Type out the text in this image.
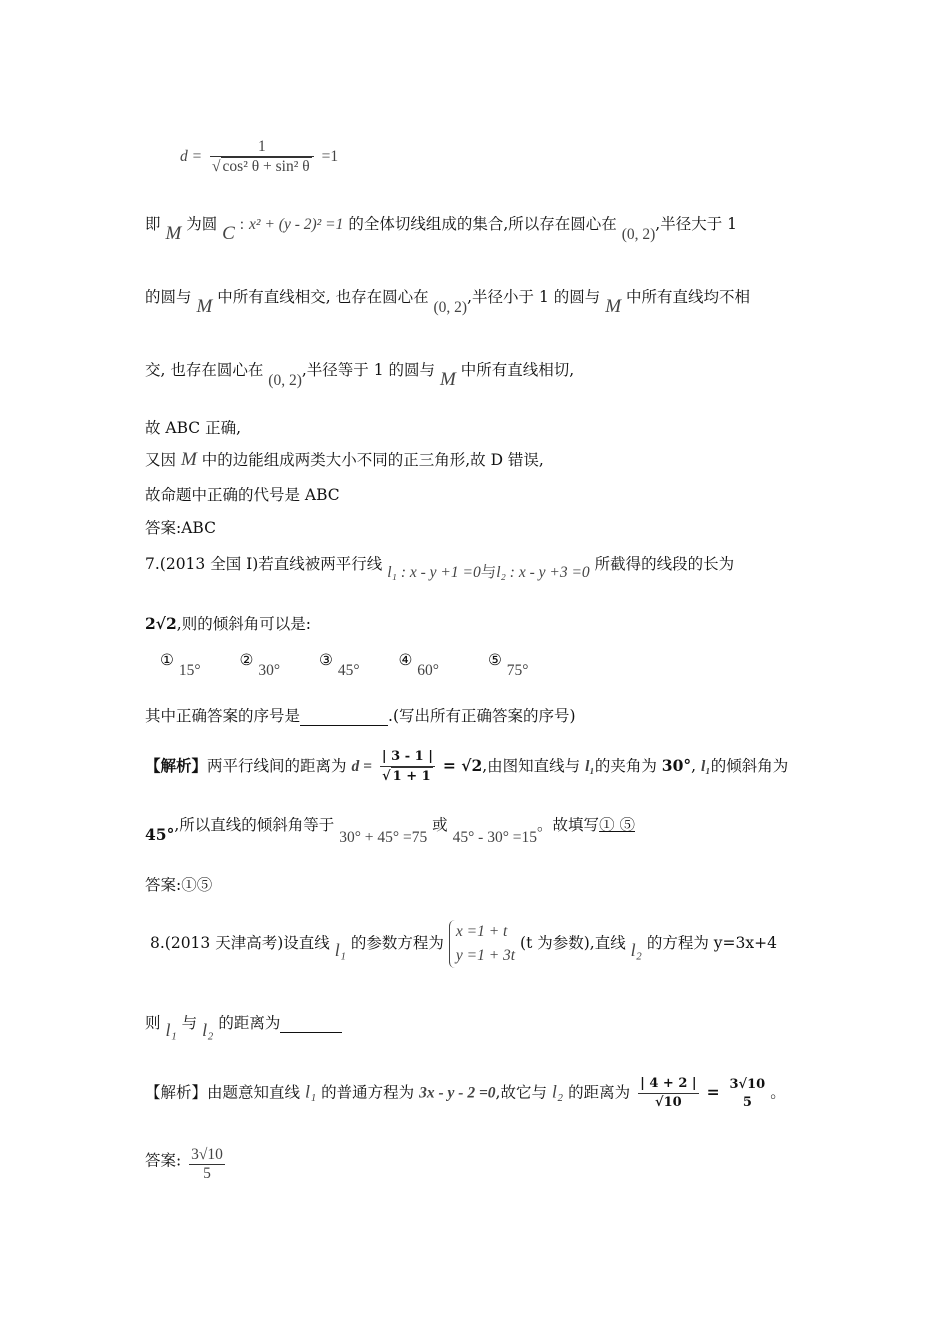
$d = \frac{1}{\text{√ cos² θ + sin² θ}} =1$
即 M 为圆 C : x² + (y - 2)² =1 的全体切线组成的集合,所以存在圆心在 (0, 2),半径大于 1
的圆与 M 中所有直线相交, 也存在圆心在 (0, 2),半径小于 1 的圆与 M 中所有直线均不相
交, 也存在圆心在 (0, 2),半径等于 1 的圆与 M 中所有直线相切,
故 ABC 正确,
又因 M 中的边能组成两类大小不同的正三角形,故 D 错误,
故命题中正确的代号是 ABC
答案:ABC
7.(2013 全国 I)若直线被两平行线 l₁ : x - y +1 =0与l₂ : x - y +3 =0 所截得的线段的长为
2√2,则的倾斜角可以是:
① 15° ② 30° ③ 45° ④ 60° ⑤ 75°
其中正确答案的序号是	.(写出所有正确答案的序号)
【解析】两平行线间的距离为 $d = \frac{| 3 - 1 |}{√ 1 + 1} = √2$,由图知直线与 l₁的夹角为 30°, l₁的倾斜角为
45°,所以直线的倾斜角等于 30° + 45° =75 或 45° - 30° =15。故填写① ⑤
答案:①⑤
8.(2013 天津高考)设直线 l₁ 的参数方程为
x =1 + t
y =1 + 3t
(t 为参数),直线 l₂ 的方程为 y=3x+4
则 l₁ 与 l₂ 的距离为
【解析】由题意知直线 l₁ 的普通方程为 3x - y - 2 =0,故它与 l₂ 的距离为 $\frac{| 4 + 2 |}{√10} = 3√10$
5
。
答案: $\frac{3√10}{5}$
